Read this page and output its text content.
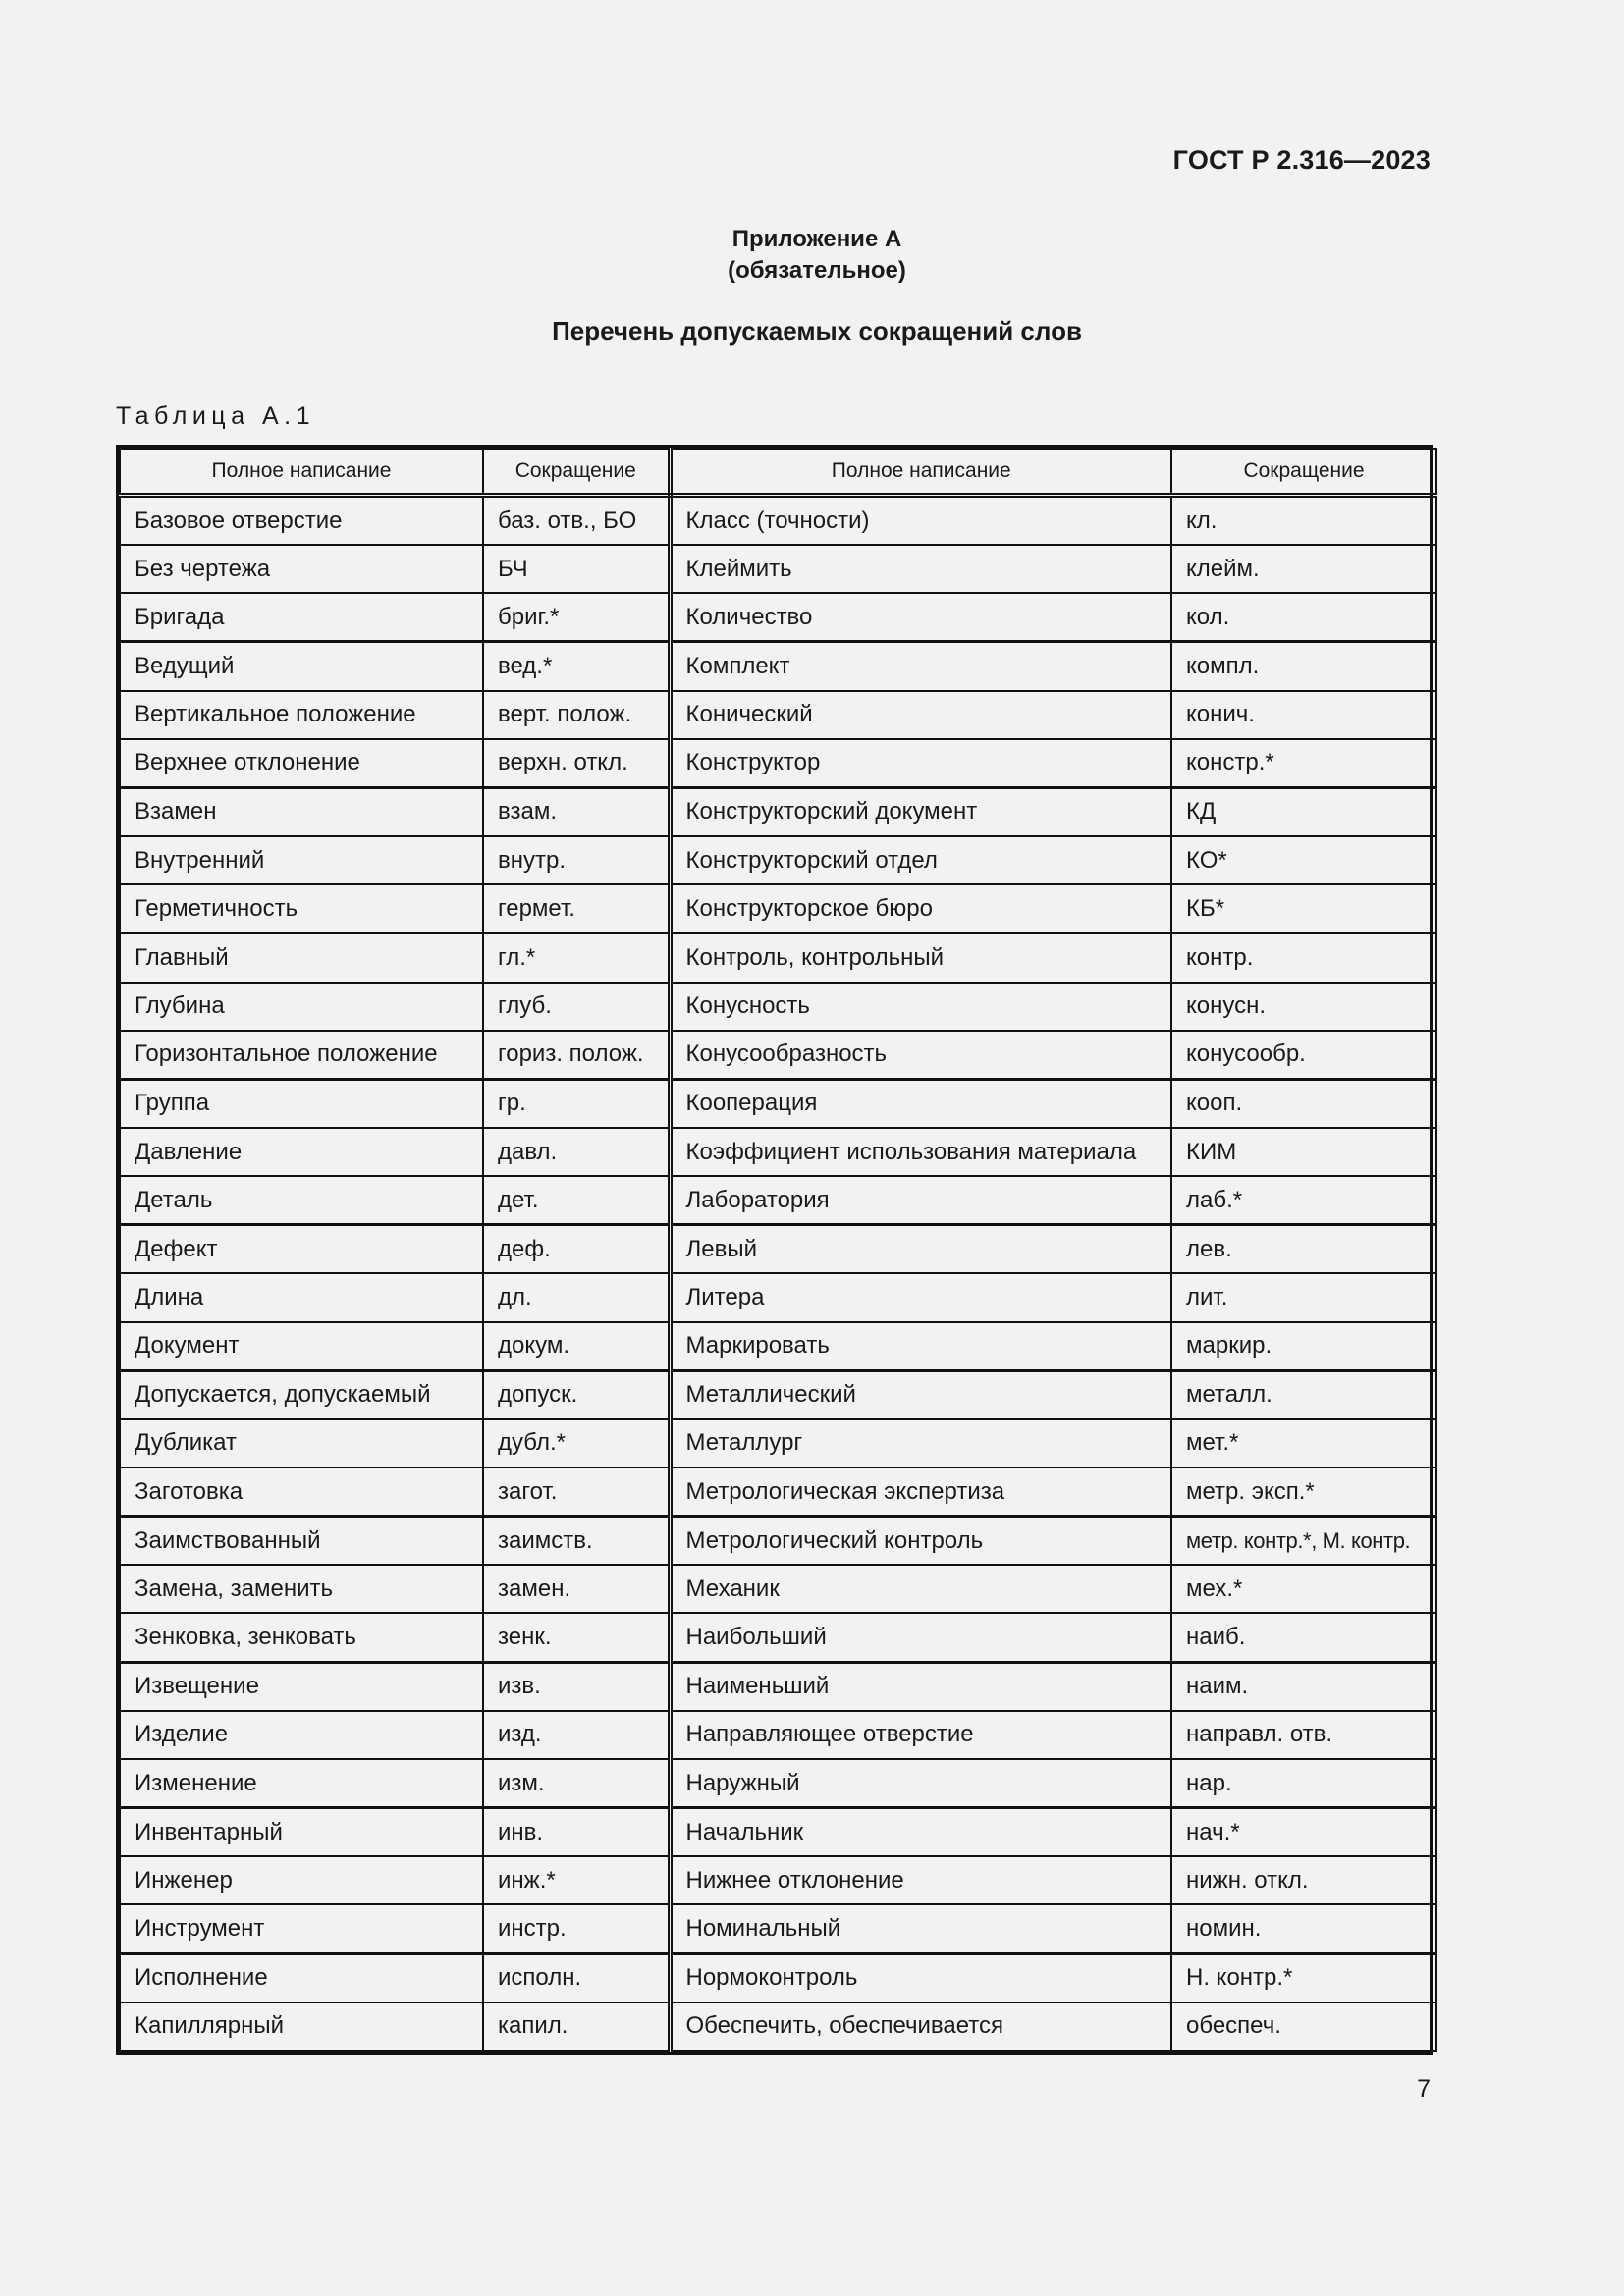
ГОСТ Р 2.316—2023
Приложение А
(обязательное)
Перечень допускаемых сокращений слов
Таблица А.1
Полное написание	Сокращение	Полное написание	Сокращение
Базовое отверстие	баз. отв., БО	Класс (точности)	кл.
Без чертежа	БЧ	Клеймить	клейм.
Бригада	бриг.*	Количество	кол.
Ведущий	вед.*	Комплект	компл.
Вертикальное положение	верт. полож.	Конический	конич.
Верхнее отклонение	верхн. откл.	Конструктор	констр.*
Взамен	взам.	Конструкторский документ	КД
Внутренний	внутр.	Конструкторский отдел	КО*
Герметичность	гермет.	Конструкторское бюро	КБ*
Главный	гл.*	Контроль, контрольный	контр.
Глубина	глуб.	Конусность	конусн.
Горизонтальное положение	гориз. полож.	Конусообразность	конусообр.
Группа	гр.	Кооперация	кооп.
Давление	давл.	Коэффициент использования материала	КИМ
Деталь	дет.	Лаборатория	лаб.*
Дефект	деф.	Левый	лев.
Длина	дл.	Литера	лит.
Документ	докум.	Маркировать	маркир.
Допускается, допускаемый	допуск.	Металлический	металл.
Дубликат	дубл.*	Металлург	мет.*
Заготовка	загот.	Метрологическая экспертиза	метр. эксп.*
Заимствованный	заимств.	Метрологический контроль	метр. контр.*, М. контр.
Замена, заменить	замен.	Механик	мех.*
Зенковка, зенковать	зенк.	Наибольший	наиб.
Извещение	изв.	Наименьший	наим.
Изделие	изд.	Направляющее отверстие	направл. отв.
Изменение	изм.	Наружный	нар.
Инвентарный	инв.	Начальник	нач.*
Инженер	инж.*	Нижнее отклонение	нижн. откл.
Инструмент	инстр.	Номинальный	номин.
Исполнение	исполн.	Нормоконтроль	Н. контр.*
Капиллярный	капил.	Обеспечить, обеспечивается	обеспеч.
7
